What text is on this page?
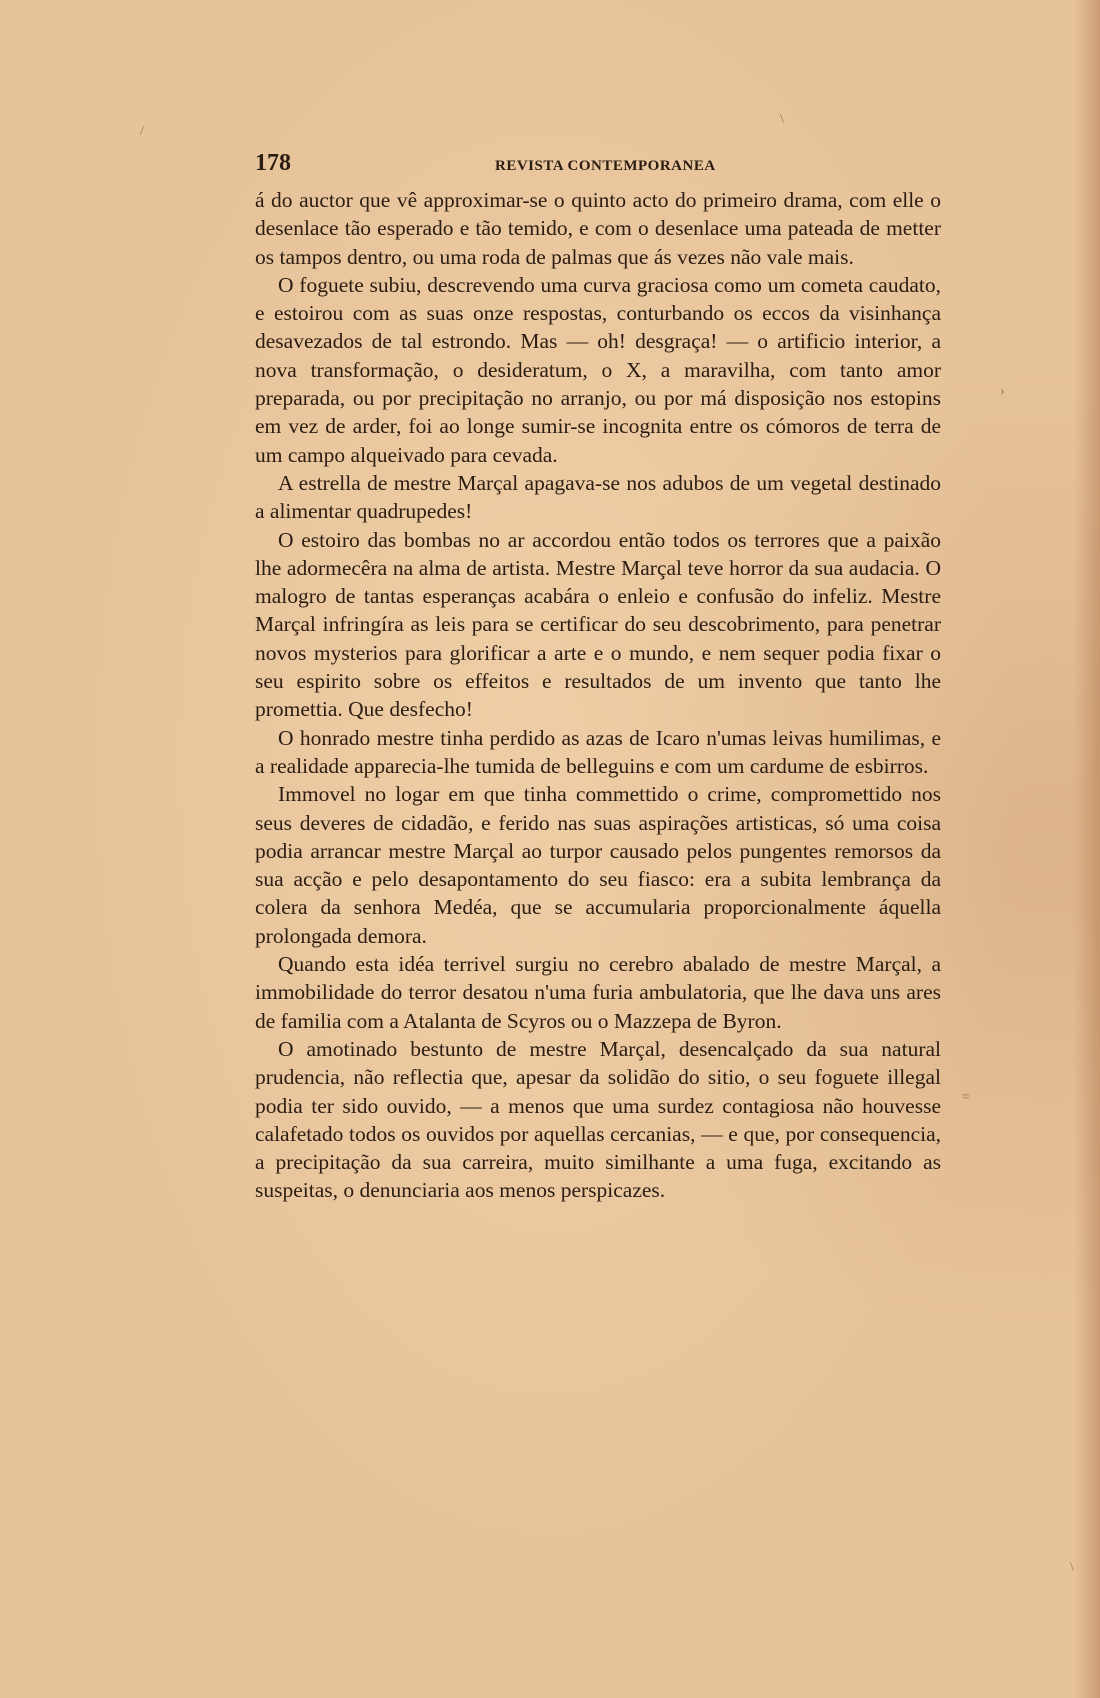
/
\
›
=
\
178	REVISTA CONTEMPORANEA

á do auctor que vê approximar-se o quinto acto do primeiro drama, com elle o desenlace tão esperado e tão temido, e com o desenlace uma pateada de metter os tampos dentro, ou uma roda de palmas que ás vezes não vale mais.

O foguete subiu, descrevendo uma curva graciosa como um cometa caudato, e estoirou com as suas onze respostas, conturbando os eccos da visinhança desavezados de tal estrondo. Mas — oh! desgraça! — o artificio interior, a nova transformação, o desideratum, o X, a maravilha, com tanto amor preparada, ou por precipitação no arranjo, ou por má disposição nos estopins em vez de arder, foi ao longe sumir-se incognita entre os cómoros de terra de um campo alqueivado para cevada.

A estrella de mestre Marçal apagava-se nos adubos de um vegetal destinado a alimentar quadrupedes!

O estoiro das bombas no ar accordou então todos os terrores que a paixão lhe adormecêra na alma de artista. Mestre Marçal teve horror da sua audacia. O malogro de tantas esperanças acabára o enleio e confusão do infeliz. Mestre Marçal infringíra as leis para se certificar do seu descobrimento, para penetrar novos mysterios para glorificar a arte e o mundo, e nem sequer podia fixar o seu espirito sobre os effeitos e resultados de um invento que tanto lhe promettia. Que desfecho!

O honrado mestre tinha perdido as azas de Icaro n'umas leivas humilimas, e a realidade apparecia-lhe tumida de belleguins e com um cardume de esbirros.

Immovel no logar em que tinha commettido o crime, compromettido nos seus deveres de cidadão, e ferido nas suas aspirações artisticas, só uma coisa podia arrancar mestre Marçal ao turpor causado pelos pungentes remorsos da sua acção e pelo desapontamento do seu fiasco: era a subita lembrança da colera da senhora Medéa, que se accumularia proporcionalmente áquella prolongada demora.

Quando esta idéa terrivel surgiu no cerebro abalado de mestre Marçal, a immobilidade do terror desatou n'uma furia ambulatoria, que lhe dava uns ares de familia com a Atalanta de Scyros ou o Mazzepa de Byron.

O amotinado bestunto de mestre Marçal, desencalçado da sua natural prudencia, não reflectia que, apesar da solidão do sitio, o seu foguete illegal podia ter sido ouvido, — a menos que uma surdez contagiosa não houvesse calafetado todos os ouvidos por aquellas cercanias, — e que, por consequencia, a precipitação da sua carreira, muito similhante a uma fuga, excitando as suspeitas, o denunciaria aos menos perspicazes.
